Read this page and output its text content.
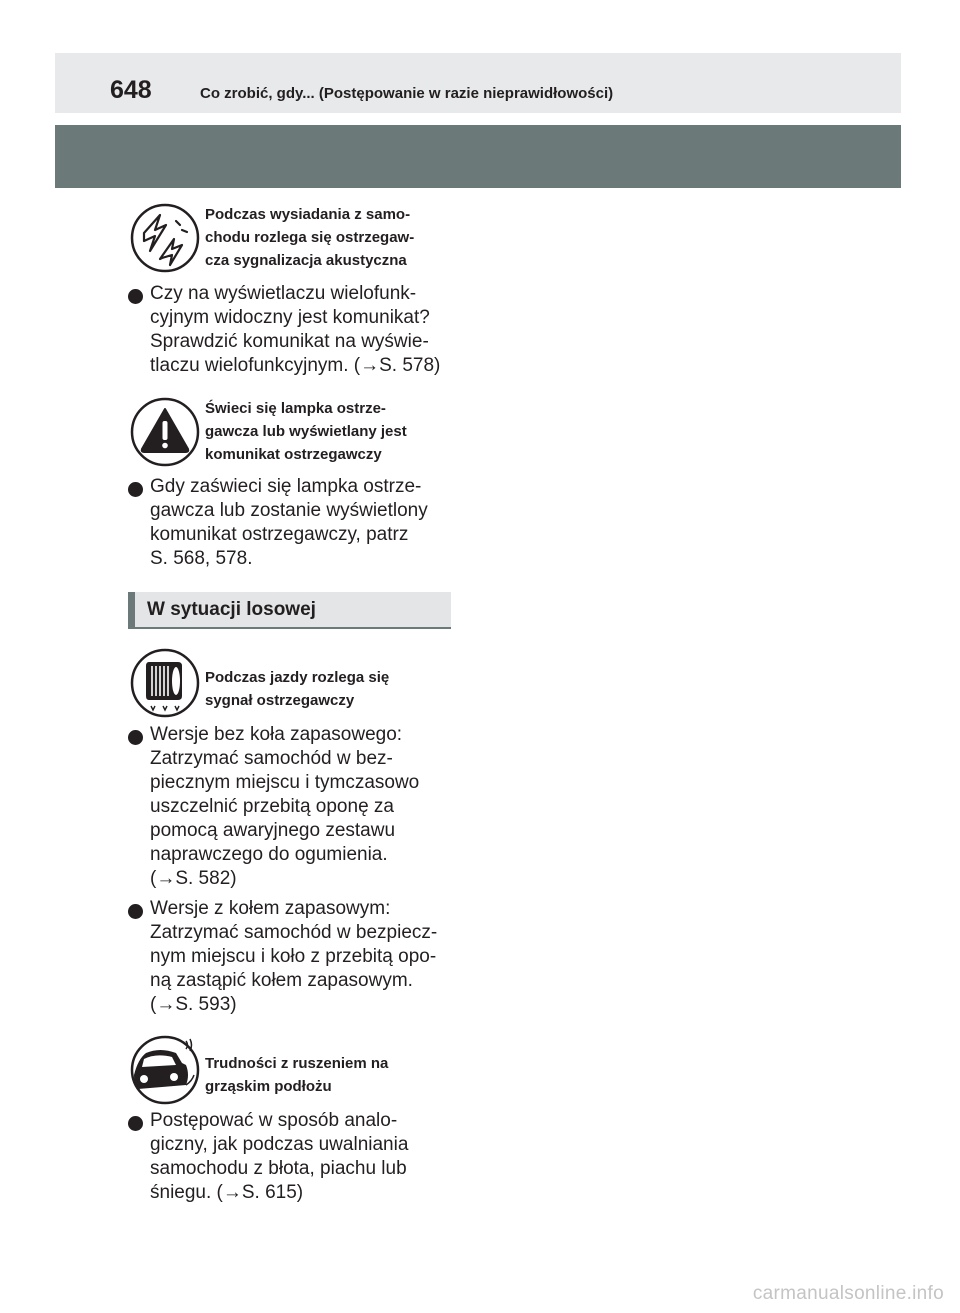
648	Co zrobić, gdy... (Postępowanie w razie nieprawidłowości)
Podczas wysiadania z samo-
chodu rozlega się ostrzegaw-
cza sygnalizacja akustyczna
Czy na wyświetlaczu wielofunk-
cyjnym widoczny jest komunikat?
Sprawdzić komunikat na wyświe-
tlaczu wielofunkcyjnym. (→S. 578)
Świeci się lampka ostrze-
gawcza lub wyświetlany jest
komunikat ostrzegawczy
Gdy zaświeci się lampka ostrze-
gawcza lub zostanie wyświetlony
komunikat ostrzegawczy, patrz
S. 568, 578.
W sytuacji losowej
Podczas jazdy rozlega się
sygnał ostrzegawczy
Wersje bez koła zapasowego:
Zatrzymać samochód w bez-
piecznym miejscu i tymczasowo
uszczelnić przebitą oponę za
pomocą awaryjnego zestawu
naprawczego do ogumienia.
(→S. 582)
Wersje z kołem zapasowym:
Zatrzymać samochód w bezpiecz-
nym miejscu i koło z przebitą opo-
ną zastąpić kołem zapasowym.
(→S. 593)
Trudności z ruszeniem na
grząskim podłożu
Postępować w sposób analo-
giczny, jak podczas uwalniania
samochodu z błota, piachu lub
śniegu. (→S. 615)
carmanualsonline.info
